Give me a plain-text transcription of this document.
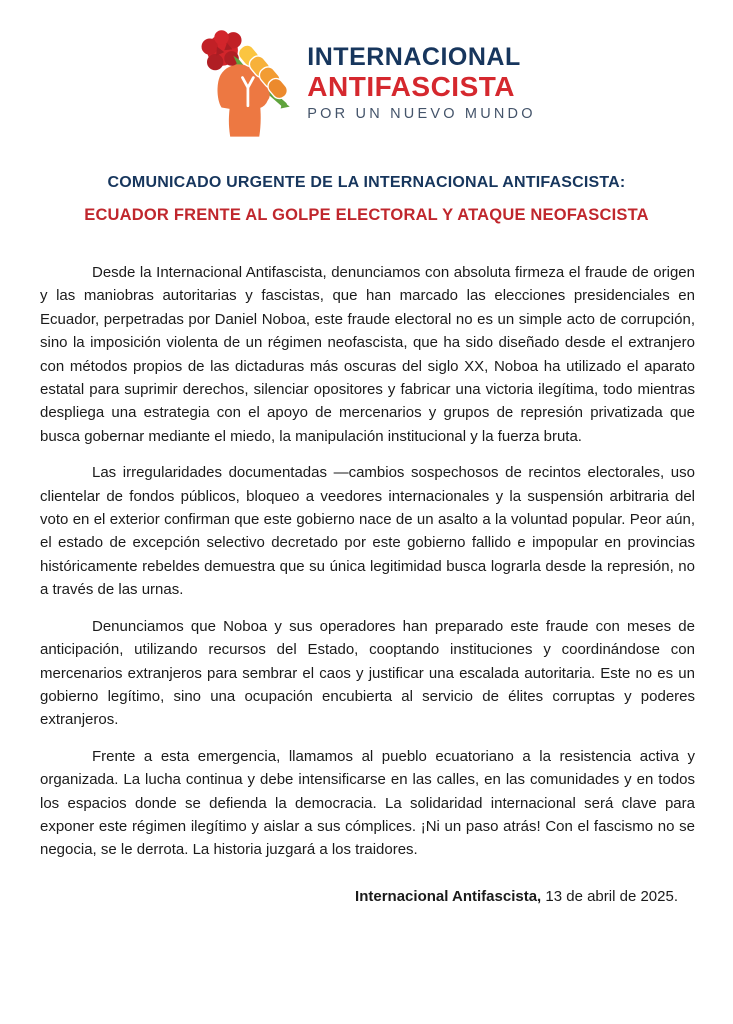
INTERNACIONAL
ANTIFASCISTA
POR UN NUEVO MUNDO
COMUNICADO URGENTE DE LA INTERNACIONAL ANTIFASCISTA:
ECUADOR FRENTE AL GOLPE ELECTORAL Y ATAQUE NEOFASCISTA

Desde la Internacional Antifascista, denunciamos con absoluta firmeza el fraude de origen y las maniobras autoritarias y fascistas, que han marcado las elecciones presidenciales en Ecuador, perpetradas por Daniel Noboa, este fraude electoral no es un simple acto de corrupción, sino la imposición violenta de un régimen neofascista, que ha sido diseñado desde el extranjero con métodos propios de las dictaduras más oscuras del siglo XX, Noboa ha utilizado el aparato estatal para suprimir derechos, silenciar opositores y fabricar una victoria ilegítima, todo mientras despliega una estrategia con el apoyo de mercenarios y grupos de represión privatizada que busca gobernar mediante el miedo, la manipulación institucional y la fuerza bruta.

Las irregularidades documentadas —cambios sospechosos de recintos electorales, uso clientelar de fondos públicos, bloqueo a veedores internacionales y la suspensión arbitraria del voto en el exterior confirman que este gobierno nace de un asalto a la voluntad popular. Peor aún, el estado de excepción selectivo decretado por este gobierno fallido e impopular en provincias históricamente rebeldes demuestra que su única legitimidad busca lograrla desde la represión, no a través de las urnas.

Denunciamos que Noboa y sus operadores han preparado este fraude con meses de anticipación, utilizando recursos del Estado, cooptando instituciones y coordinándose con mercenarios extranjeros para sembrar el caos y justificar una escalada autoritaria. Este no es un gobierno legítimo, sino una ocupación encubierta al servicio de élites corruptas y poderes extranjeros.

Frente a esta emergencia, llamamos al pueblo ecuatoriano a la resistencia activa y organizada. La lucha continua y debe intensificarse en las calles, en las comunidades y en todos los espacios donde se defienda la democracia. La solidaridad internacional será clave para exponer este régimen ilegítimo y aislar a sus cómplices. ¡Ni un paso atrás! Con el fascismo no se negocia, se le derrota. La historia juzgará a los traidores.

Internacional Antifascista, 13 de abril de 2025.
